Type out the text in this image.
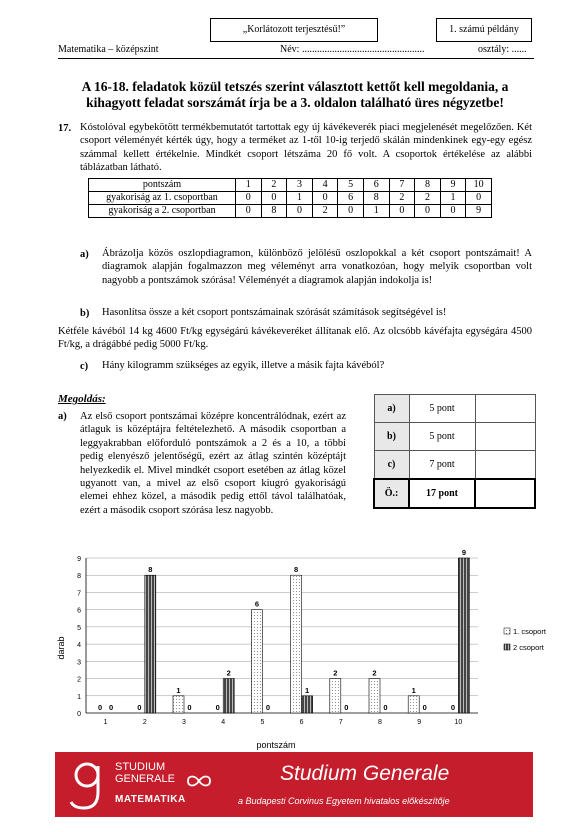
„Korlátozott terjesztésű!”	1. számú példány
Matematika – középszint	Név: .................................................	osztály: ......
A 16-18. feladatok közül tetszés szerint választott kettőt kell megoldania, a kihagyott feladat sorszámát írja be a 3. oldalon található üres négyzetbe!
17. Kóstolóval egybekötött termékbemutatót tartottak egy új kávékeverék piaci megjelenését megelőzően. Két csoport véleményét kérték úgy, hogy a terméket az 1-től 10-ig terjedő skálán mindenkinek egy-egy egész számmal kellett értékelnie. Mindkét csoport létszáma 20 fő volt. A csoportok értékelése az alábbi táblázatban látható.
pontszám	1	2	3	4	5	6	7	8	9	10
gyakoriság az 1. csoportban	0	0	1	0	6	8	2	2	1	0
gyakoriság a 2. csoportban	0	8	0	2	0	1	0	0	0	9
a) Ábrázolja közös oszlopdiagramon, különböző jelölésű oszlopokkal a két csoport pontszámait! A diagramok alapján fogalmazzon meg véleményt arra vonatkozóan, hogy melyik csoportban volt nagyobb a pontszámok szórása! Véleményét a diagramok alapján indokolja is!
b) Hasonlítsa össze a két csoport pontszámainak szórását számítások segítségével is!
Kétféle kávéból 14 kg 4600 Ft/kg egységárú kávékeveréket állítanak elő. Az olcsóbb kávéfajta egységára 4500 Ft/kg, a drágábbé pedig 5000 Ft/kg.
c) Hány kilogramm szükséges az egyik, illetve a másik fajta kávéból?
Megoldás:
a) Az első csoport pontszámai középre koncentrálódnak, ezért az átlaguk is középtájra feltételezhető. A második csoportban a leggyakrabban előforduló pontszámok a 2 és a 10, a többi pedig elenyésző jelentőségű, ezért az átlag szintén középtájt helyezkedik el. Mivel mindkét csoport esetében az átlag közel ugyanott van, a mivel az első csoport kiugró gyakoriságú elemei ehhez közel, a második pedig ettől távol találhatóak, ezért a második csoport szórása lesz nagyobb.
a)	5 pont	
b)	5 pont	
c)	7 pont	
Ö.:	17 pont	
0
1
2
3
4
5
6
7
8
9
0 0
1
0
8
2
1
0
3
0
2
4
6
0
5
8
1
6
2
0
7
2
0
8
1
0
9
0
9
10
darab
pontszám
1. csoport
2 csoport
STUDIUM
GENERALE
MATEMATIKA
Studium Generale
a Budapesti Corvinus Egyetem hivatalos előkészítője
